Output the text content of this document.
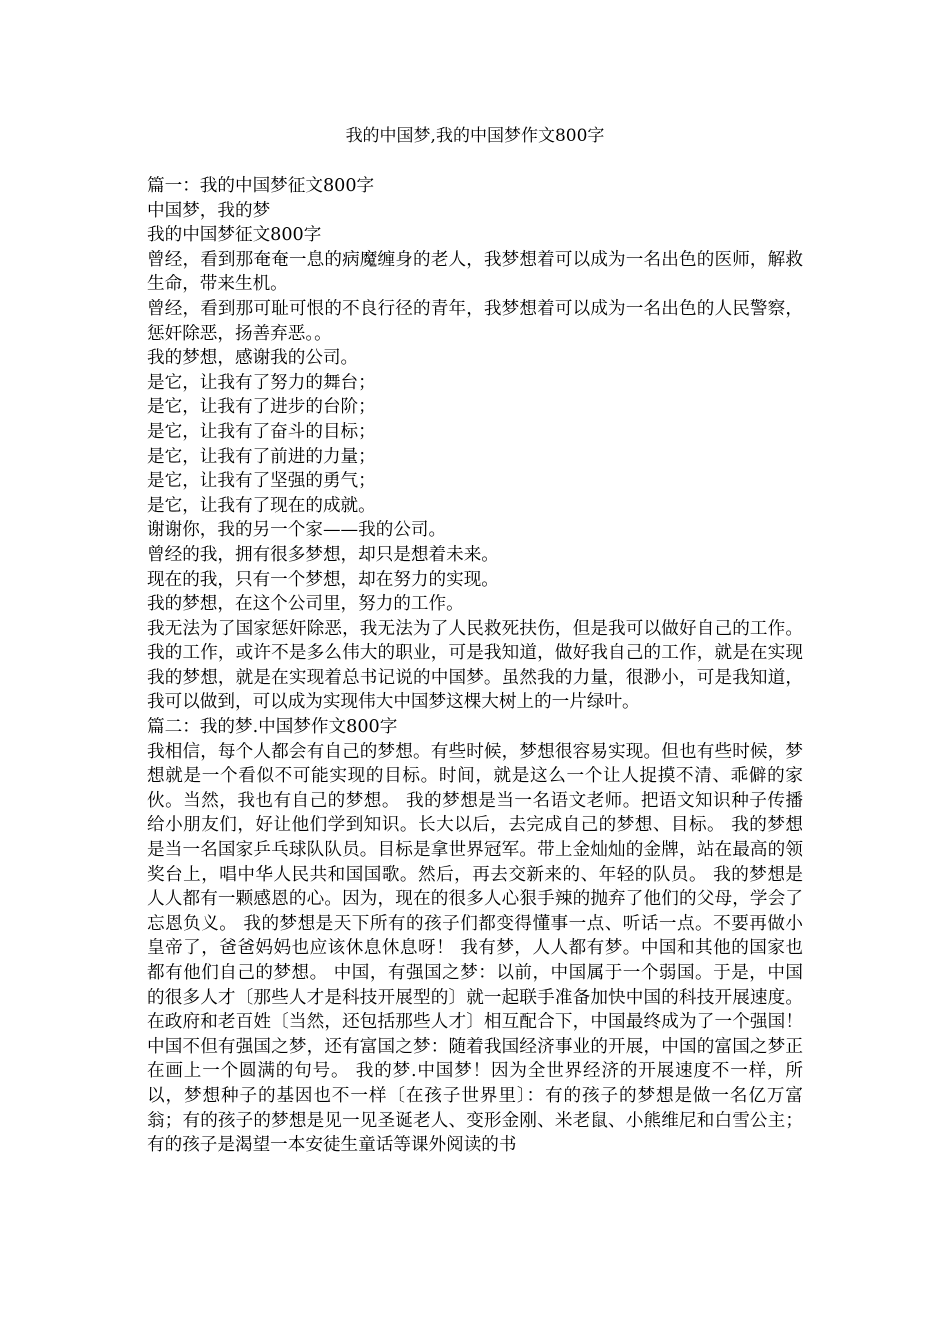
我的中国梦,我的中国梦作文800字

篇一：我的中国梦征文800字

中国梦，我的梦

我的中国梦征文800字

曾经，看到那奄奄一息的病魔缠身的老人，我梦想着可以成为一名出色的医师，解救生命，带来生机。

曾经，看到那可耻可恨的不良行径的青年，我梦想着可以成为一名出色的人民警察，惩奸除恶，扬善弃恶。。

我的梦想，感谢我的公司。

是它，让我有了努力的舞台；

是它，让我有了进步的台阶；

是它，让我有了奋斗的目标；

是它，让我有了前进的力量；

是它，让我有了坚强的勇气；

是它，让我有了现在的成就。

谢谢你，我的另一个家——我的公司。

曾经的我，拥有很多梦想，却只是想着未来。

现在的我，只有一个梦想，却在努力的实现。

我的梦想，在这个公司里，努力的工作。

我无法为了国家惩奸除恶，我无法为了人民救死扶伤，但是我可以做好自己的工作。我的工作，或许不是多么伟大的职业，可是我知道，做好我自己的工作，就是在实现我的梦想，就是在实现着总书记说的中国梦。虽然我的力量，很渺小，可是我知道，我可以做到，可以成为实现伟大中国梦这棵大树上的一片绿叶。

篇二：我的梦.中国梦作文800字

我相信，每个人都会有自己的梦想。有些时候，梦想很容易实现。但也有些时候，梦想就是一个看似不可能实现的目标。时间，就是这么一个让人捉摸不清、乖僻的家伙。当然，我也有自己的梦想。 我的梦想是当一名语文老师。把语文知识种子传播给小朋友们，好让他们学到知识。长大以后，去完成自己的梦想、目标。 我的梦想是当一名国家乒乓球队队员。目标是拿世界冠军。带上金灿灿的金牌，站在最高的领奖台上，唱中华人民共和国国歌。然后，再去交新来的、年轻的队员。 我的梦想是人人都有一颗感恩的心。因为，现在的很多人心狠手辣的抛弃了他们的父母，学会了忘恩负义。 我的梦想是天下所有的孩子们都变得懂事一点、听话一点。不要再做小皇帝了，爸爸妈妈也应该休息休息呀！ 我有梦，人人都有梦。中国和其他的国家也都有他们自己的梦想。 中国，有强国之梦：以前，中国属于一个弱国。于是，中国的很多人才〔那些人才是科技开展型的〕就一起联手准备加快中国的科技开展速度。在政府和老百姓〔当然，还包括那些人才〕相互配合下，中国最终成为了一个强国！ 中国不但有强国之梦，还有富国之梦：随着我国经济事业的开展，中国的富国之梦正在画上一个圆满的句号。 我的梦.中国梦！因为全世界经济的开展速度不一样，所以，梦想种子的基因也不一样〔在孩子世界里〕：有的孩子的梦想是做一名亿万富翁；有的孩子的梦想是见一见圣诞老人、变形金刚、米老鼠、小熊维尼和白雪公主；有的孩子是渴望一本安徒生童话等课外阅读的书
